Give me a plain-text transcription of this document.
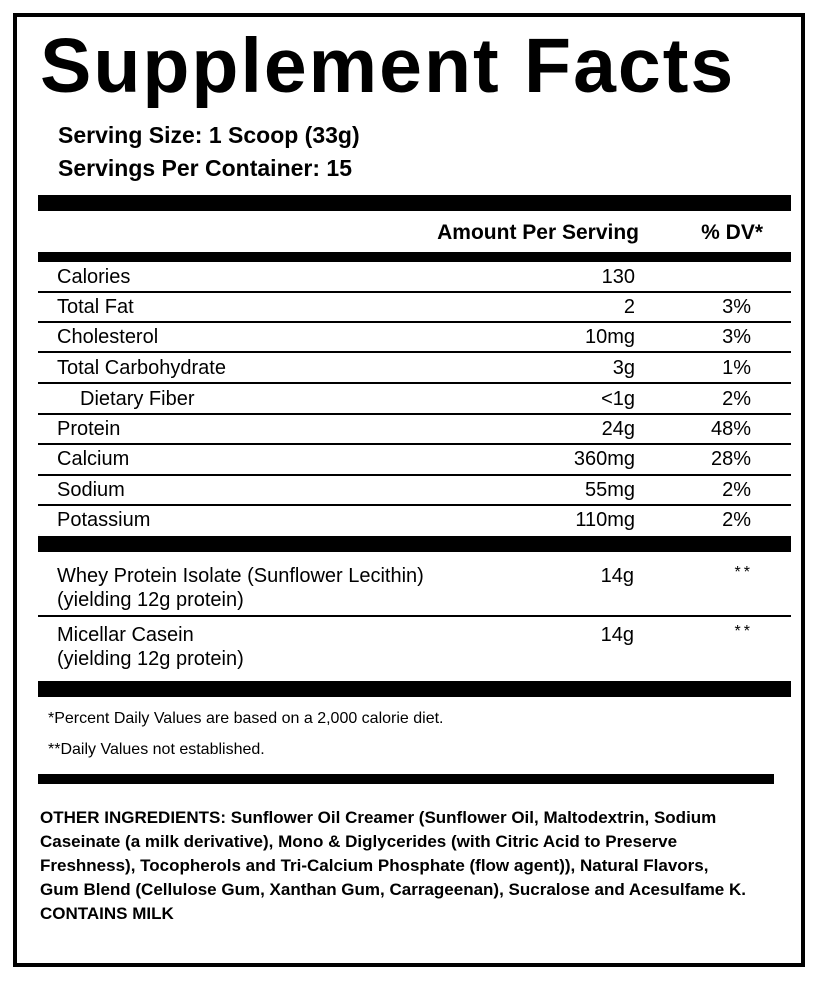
Supplement Facts
Serving Size: 1 Scoop (33g)
Servings Per Container: 15
Amount Per Serving	% DV*
Calories	130
Total Fat	2	3%
Cholesterol	10mg	3%
Total Carbohydrate	3g	1%
Dietary Fiber	<1g	2%
Protein	24g	48%
Calcium	360mg	28%
Sodium	55mg	2%
Potassium	110mg	2%
Whey Protein Isolate (Sunflower Lecithin)
(yielding 12g protein)
14g	**
Micellar Casein
(yielding 12g protein)
14g	**
*Percent Daily Values are based on a 2,000 calorie diet.
**Daily Values not established.
OTHER INGREDIENTS: Sunflower Oil Creamer (Sunflower Oil, Maltodextrin, Sodium
Caseinate (a milk derivative), Mono & Diglycerides (with Citric Acid to Preserve
Freshness), Tocopherols and Tri-Calcium Phosphate (flow agent)), Natural Flavors,
Gum Blend (Cellulose Gum, Xanthan Gum, Carrageenan), Sucralose and Acesulfame K.
CONTAINS MILK
